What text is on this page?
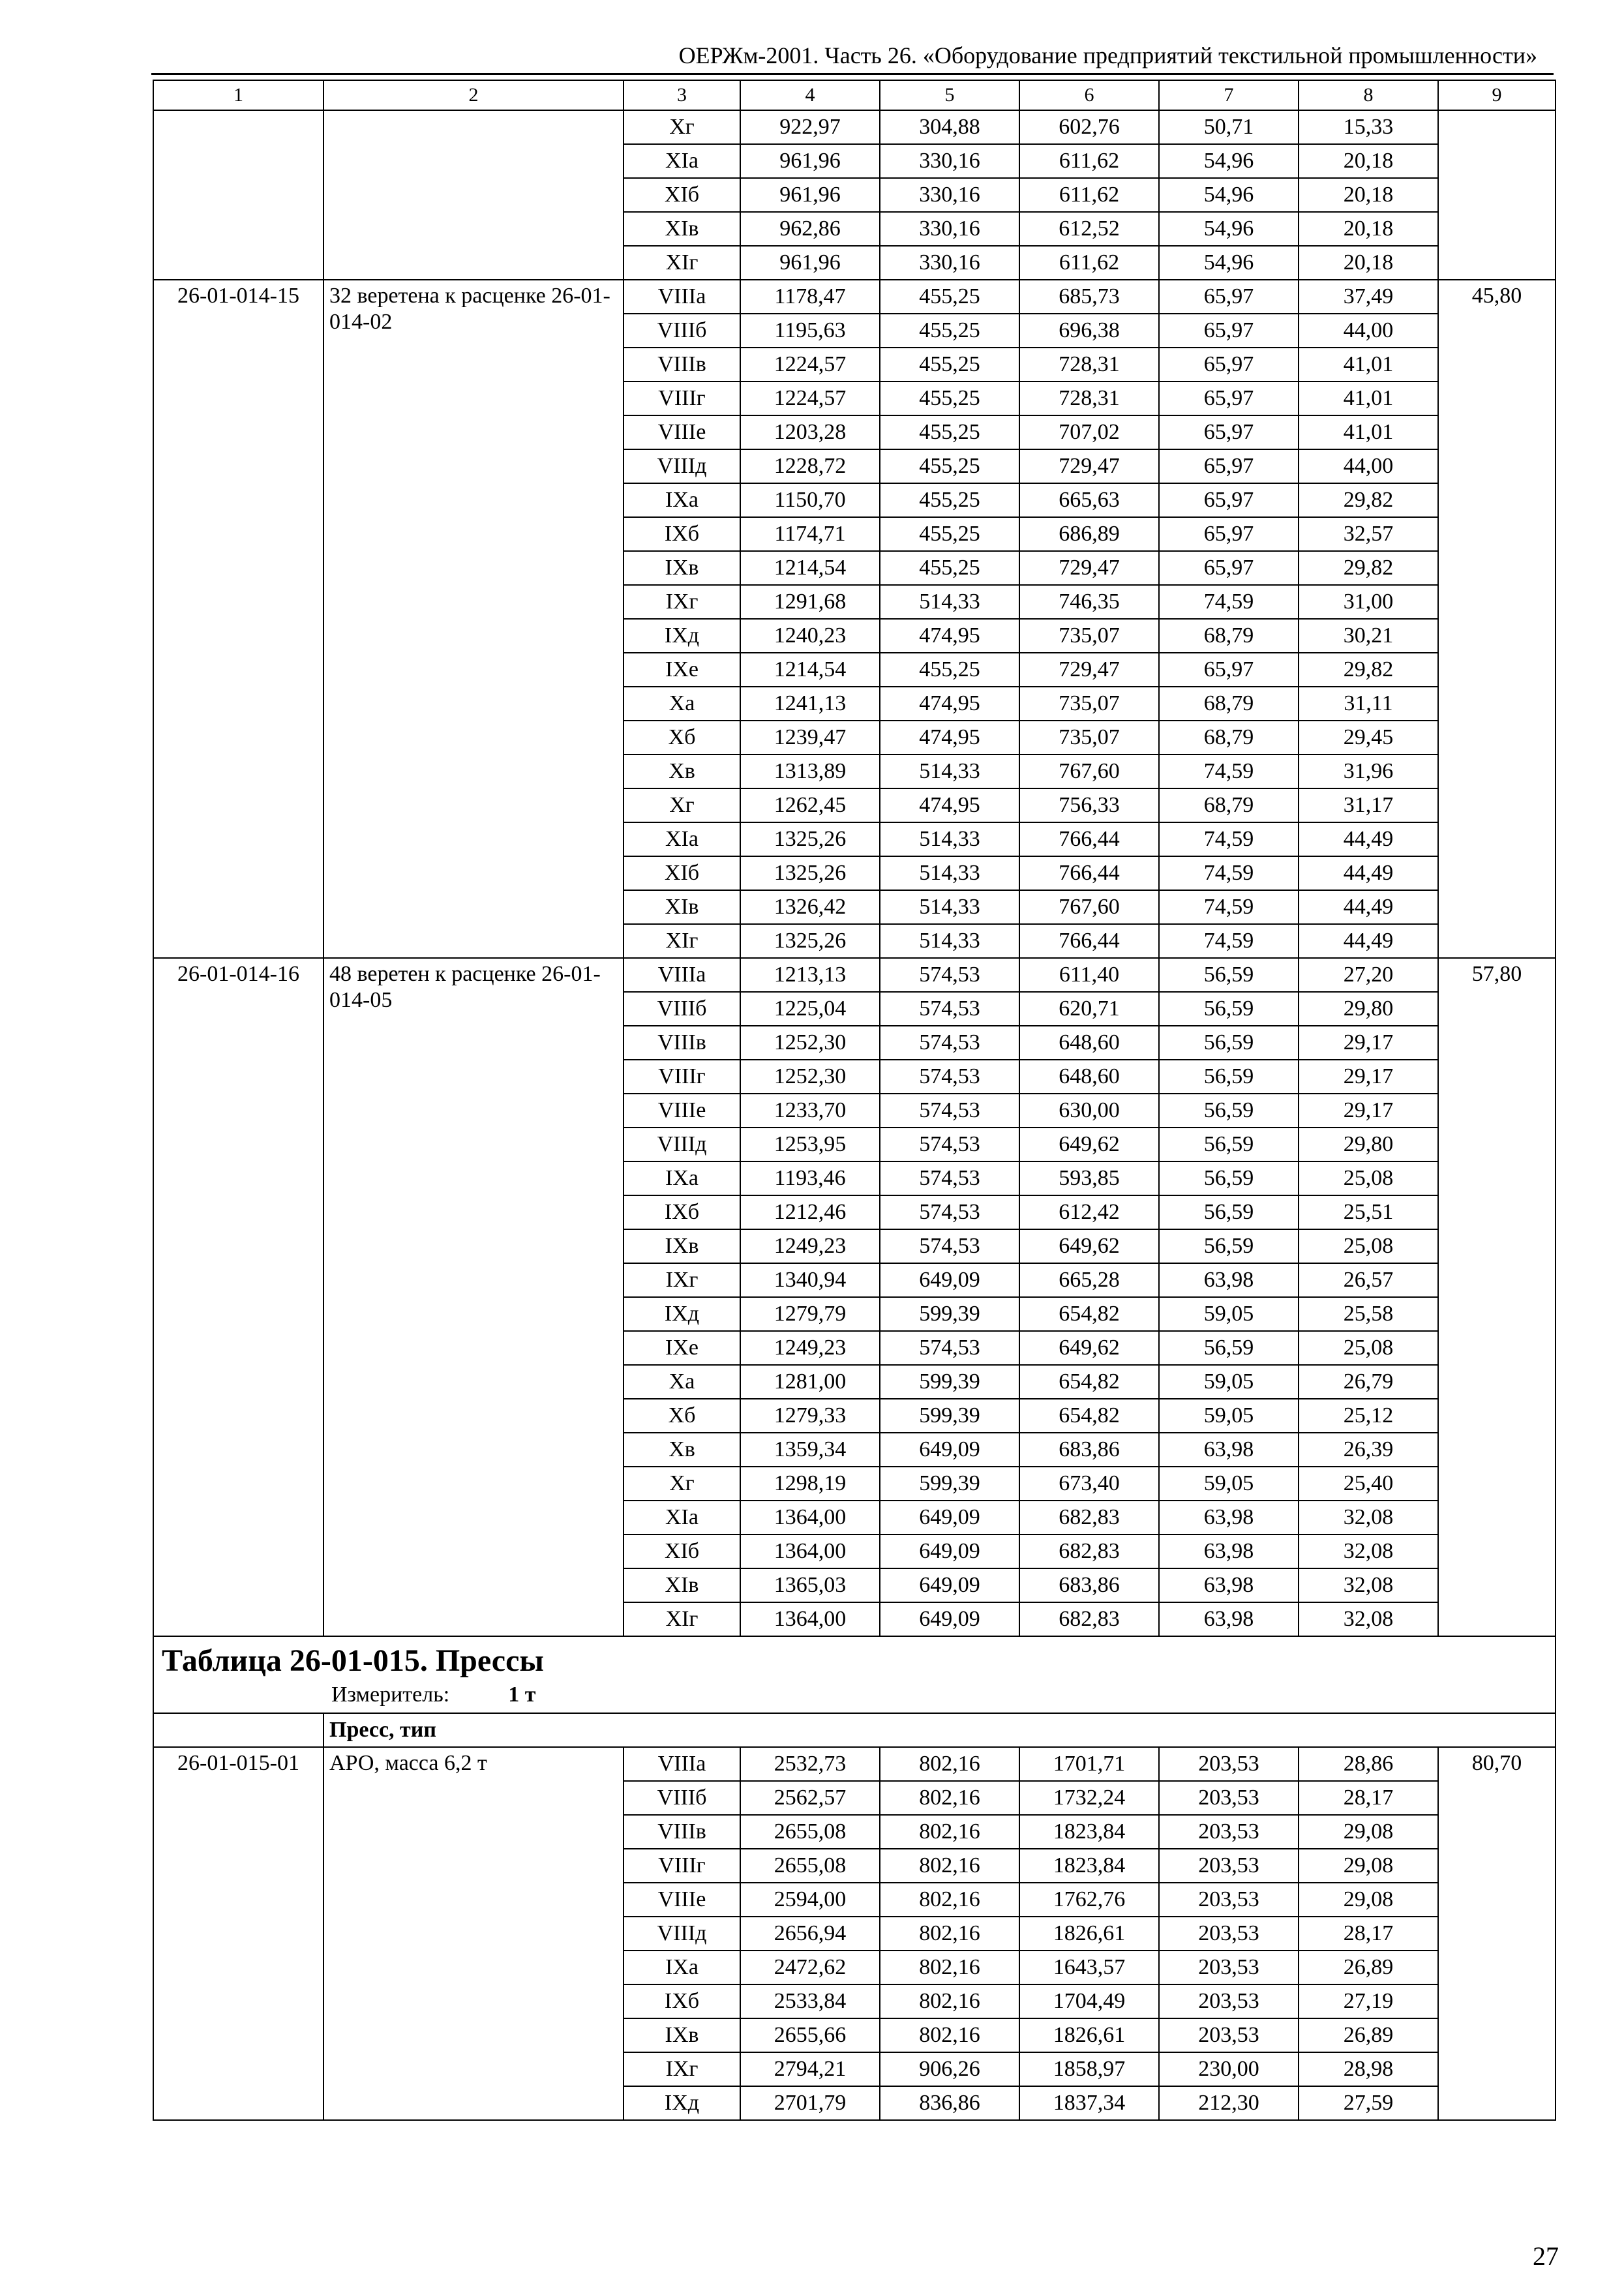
ОЕРЖм-2001. Часть 26. «Оборудование предприятий текстильной промышленности»
1	2	3	4	5	6	7	8	9
		Xг	922,97	304,88	602,76	50,71	15,33	
		XIa	961,96	330,16	611,62	54,96	20,18	
		XIб	961,96	330,16	611,62	54,96	20,18	
		XIв	962,86	330,16	612,52	54,96	20,18	
		XIг	961,96	330,16	611,62	54,96	20,18	
26-01-014-15	32 веретена к расценке 26-01-014-02	VIIIa	1178,47	455,25	685,73	65,97	37,49	45,80
		VIIIб	1195,63	455,25	696,38	65,97	44,00	
		VIIIв	1224,57	455,25	728,31	65,97	41,01	
		VIIIг	1224,57	455,25	728,31	65,97	41,01	
		VIIIe	1203,28	455,25	707,02	65,97	41,01	
		VIIIд	1228,72	455,25	729,47	65,97	44,00	
		IXa	1150,70	455,25	665,63	65,97	29,82	
		IXб	1174,71	455,25	686,89	65,97	32,57	
		IXв	1214,54	455,25	729,47	65,97	29,82	
		IXг	1291,68	514,33	746,35	74,59	31,00	
		IXд	1240,23	474,95	735,07	68,79	30,21	
		IXe	1214,54	455,25	729,47	65,97	29,82	
		Xa	1241,13	474,95	735,07	68,79	31,11	
		Xб	1239,47	474,95	735,07	68,79	29,45	
		Xв	1313,89	514,33	767,60	74,59	31,96	
		Xг	1262,45	474,95	756,33	68,79	31,17	
		XIa	1325,26	514,33	766,44	74,59	44,49	
		XIб	1325,26	514,33	766,44	74,59	44,49	
		XIв	1326,42	514,33	767,60	74,59	44,49	
		XIг	1325,26	514,33	766,44	74,59	44,49	
26-01-014-16	48 веретен к расценке 26-01-014-05	VIIIa	1213,13	574,53	611,40	56,59	27,20	57,80
		VIIIб	1225,04	574,53	620,71	56,59	29,80	
		VIIIв	1252,30	574,53	648,60	56,59	29,17	
		VIIIг	1252,30	574,53	648,60	56,59	29,17	
		VIIIe	1233,70	574,53	630,00	56,59	29,17	
		VIIIд	1253,95	574,53	649,62	56,59	29,80	
		IXa	1193,46	574,53	593,85	56,59	25,08	
		IXб	1212,46	574,53	612,42	56,59	25,51	
		IXв	1249,23	574,53	649,62	56,59	25,08	
		IXг	1340,94	649,09	665,28	63,98	26,57	
		IXд	1279,79	599,39	654,82	59,05	25,58	
		IXe	1249,23	574,53	649,62	56,59	25,08	
		Xa	1281,00	599,39	654,82	59,05	26,79	
		Xб	1279,33	599,39	654,82	59,05	25,12	
		Xв	1359,34	649,09	683,86	63,98	26,39	
		Xг	1298,19	599,39	673,40	59,05	25,40	
		XIa	1364,00	649,09	682,83	63,98	32,08	
		XIб	1364,00	649,09	682,83	63,98	32,08	
		XIв	1365,03	649,09	683,86	63,98	32,08	
		XIг	1364,00	649,09	682,83	63,98	32,08	

Таблица 26-01-015. Прессы
Измеритель: 1 т								

	Пресс, тип							
26-01-015-01	АРО, масса 6,2 т	VIIIa	2532,73	802,16	1701,71	203,53	28,86	80,70
		VIIIб	2562,57	802,16	1732,24	203,53	28,17	
		VIIIв	2655,08	802,16	1823,84	203,53	29,08	
		VIIIг	2655,08	802,16	1823,84	203,53	29,08	
		VIIIe	2594,00	802,16	1762,76	203,53	29,08	
		VIIIд	2656,94	802,16	1826,61	203,53	28,17	
		IXa	2472,62	802,16	1643,57	203,53	26,89	
		IXб	2533,84	802,16	1704,49	203,53	27,19	
		IXв	2655,66	802,16	1826,61	203,53	26,89	
		IXг	2794,21	906,26	1858,97	230,00	28,98	
		IXд	2701,79	836,86	1837,34	212,30	27,59	
27
